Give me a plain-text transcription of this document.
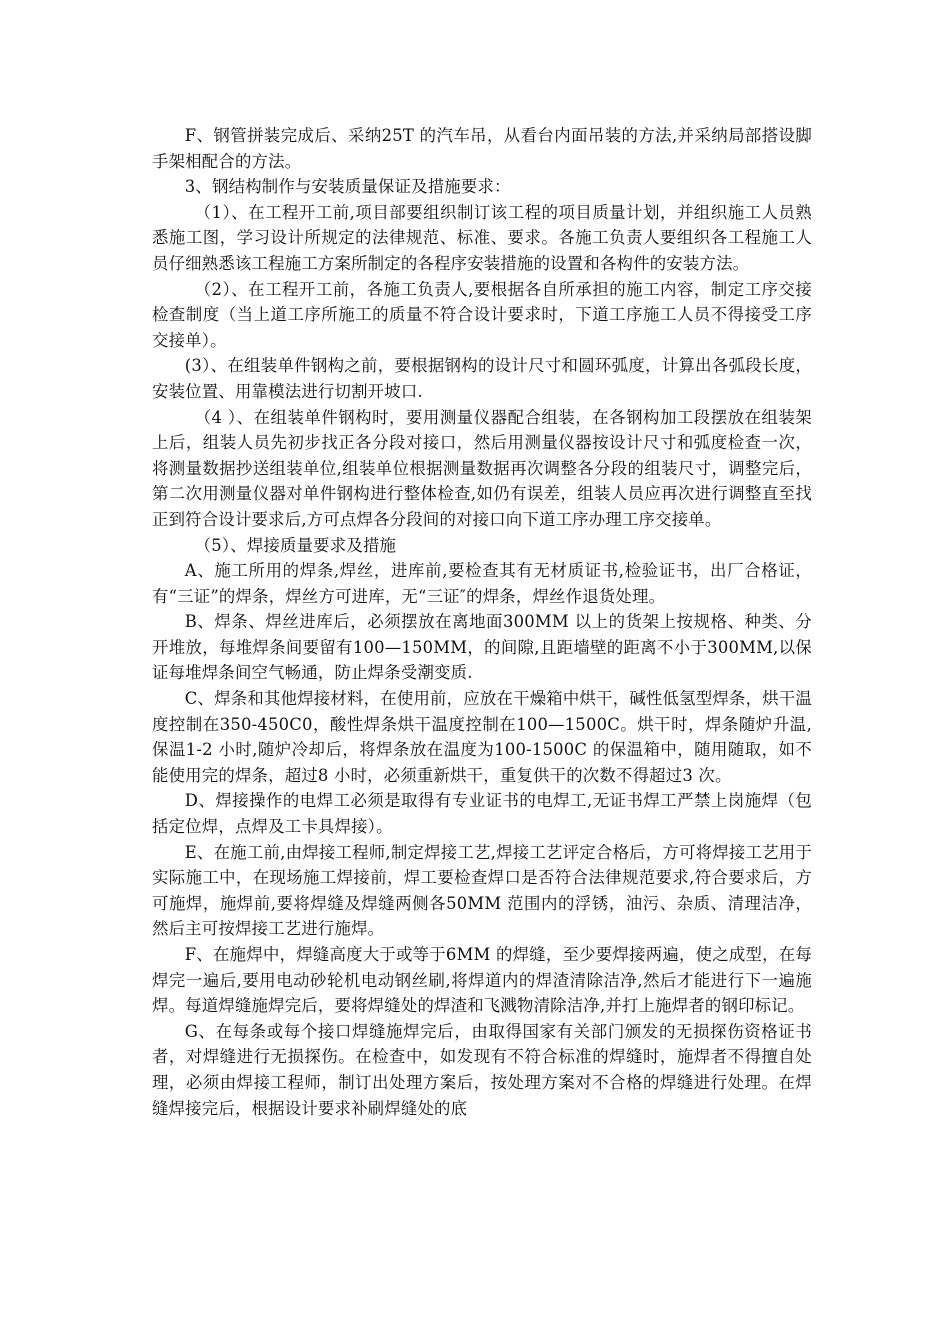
F、钢管拼装完成后、采纳25T 的汽车吊，从看台内面吊装的方法,并采纳局部搭设脚手架相配合的方法。

3、钢结构制作与安装质量保证及措施要求：

（1）、在工程开工前,项目部要组织制订该工程的项目质量计划，并组织施工人员熟悉施工图，学习设计所规定的法律规范、标准、要求。各施工负责人要组织各工程施工人员仔细熟悉该工程施工方案所制定的各程序安装措施的设置和各构件的安装方法。

（2）、在工程开工前，各施工负责人,要根据各自所承担的施工内容，制定工序交接检查制度（当上道工序所施工的质量不符合设计要求时，下道工序施工人员不得接受工序交接单）。

(3）、在组装单件钢构之前，要根据钢构的设计尺寸和圆环弧度，计算出各弧段长度，安装位置、用靠模法进行切割开坡口.

（4 ）、在组装单件钢构时，要用测量仪器配合组装，在各钢构加工段摆放在组装架上后，组装人员先初步找正各分段对接口，然后用测量仪器按设计尺寸和弧度检查一次，将测量数据抄送组装单位,组装单位根据测量数据再次调整各分段的组装尺寸，调整完后，第二次用测量仪器对单件钢构进行整体检查,如仍有误差，组装人员应再次进行调整直至找正到符合设计要求后,方可点焊各分段间的对接口向下道工序办理工序交接单。

（5）、焊接质量要求及措施

A、施工所用的焊条,焊丝，进库前,要检查其有无材质证书,检验证书，出厂合格证，有“三证”的焊条，焊丝方可进库，无“三证″的焊条，焊丝作退货处理。

B、焊条、焊丝进库后，必须摆放在离地面300MM 以上的货架上按规格、种类、分开堆放，每堆焊条间要留有100—150MM，的间隙,且距墙壁的距离不小于300MM,以保证每堆焊条间空气畅通，防止焊条受潮变质.

C、焊条和其他焊接材料，在使用前，应放在干燥箱中烘干，碱性低氢型焊条，烘干温度控制在350-450C0，酸性焊条烘干温度控制在100—1500C。烘干时，焊条随炉升温,保温1-2 小时,随炉冷却后，将焊条放在温度为100-1500C 的保温箱中，随用随取，如不能使用完的焊条，超过8 小时，必须重新烘干，重复供干的次数不得超过3 次。

D、焊接操作的电焊工必须是取得有专业证书的电焊工,无证书焊工严禁上岗施焊（包括定位焊，点焊及工卡具焊接）。

E、在施工前,由焊接工程师,制定焊接工艺,焊接工艺评定合格后，方可将焊接工艺用于实际施工中，在现场施工焊接前，焊工要检查焊口是否符合法律规范要求,符合要求后，方可施焊，施焊前,要将焊缝及焊缝两侧各50MM 范围内的浮锈，油污、杂质、清理洁净，然后主可按焊接工艺进行施焊。

F、在施焊中，焊缝高度大于或等于6MM 的焊缝，至少要焊接两遍，使之成型，在每焊完一遍后,要用电动砂轮机电动钢丝刷,将焊道内的焊渣清除洁净,然后才能进行下一遍施焊。每道焊缝施焊完后，要将焊缝处的焊渣和飞溅物清除洁净,并打上施焊者的钢印标记。

G、在每条或每个接口焊缝施焊完后，由取得国家有关部门颁发的无损探伤资格证书者，对焊缝进行无损探伤。在检查中，如发现有不符合标准的焊缝时，施焊者不得擅自处理，必须由焊接工程师，制订出处理方案后，按处理方案对不合格的焊缝进行处理。在焊缝焊接完后，根据设计要求补刷焊缝处的底
